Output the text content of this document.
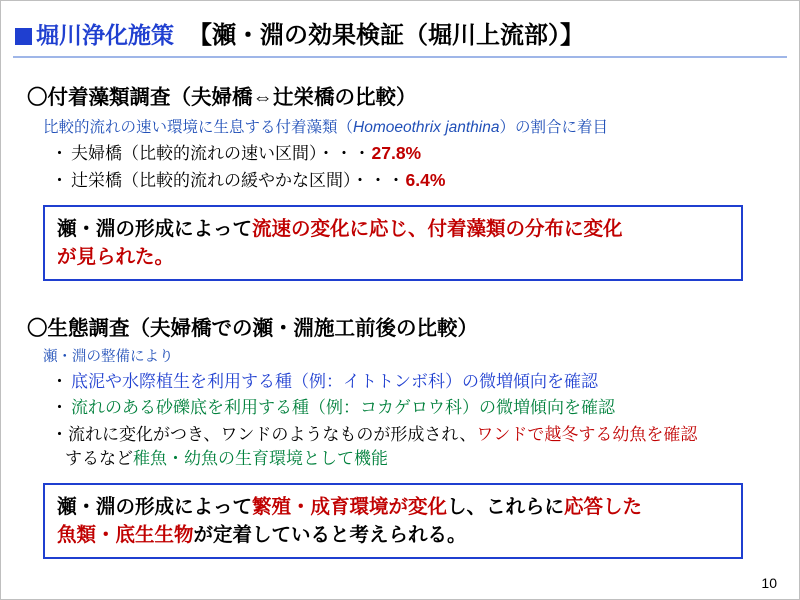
堀川浄化施策 【瀬・淵の効果検証（堀川上流部）】
〇付着藻類調査（夫婦橋⇔辻栄橋の比較）
比較的流れの速い環境に生息する付着藻類（Homoeothrix janthina）の割合に着目
・ 夫婦橋（比較的流れの速い区間）・・・27.8%
・ 辻栄橋（比較的流れの緩やかな区間）・・・6.4%
瀬・淵の形成によって流速の変化に応じ、付着藻類の分布に変化
が見られた。
〇生態調査（夫婦橋での瀬・淵施工前後の比較）
瀬・淵の整備により
・ 底泥や水際植生を利用する種（例：イトトンボ科）の微増傾向を確認
・ 流れのある砂礫底を利用する種（例：コカゲロウ科）の微増傾向を確認
・流れに変化がつき、ワンドのようなものが形成され、ワンドで越冬する幼魚を確認
するなど稚魚・幼魚の生育環境として機能
瀬・淵の形成によって繁殖・成育環境が変化し、これらに応答した
魚類・底生生物が定着していると考えられる。
10
